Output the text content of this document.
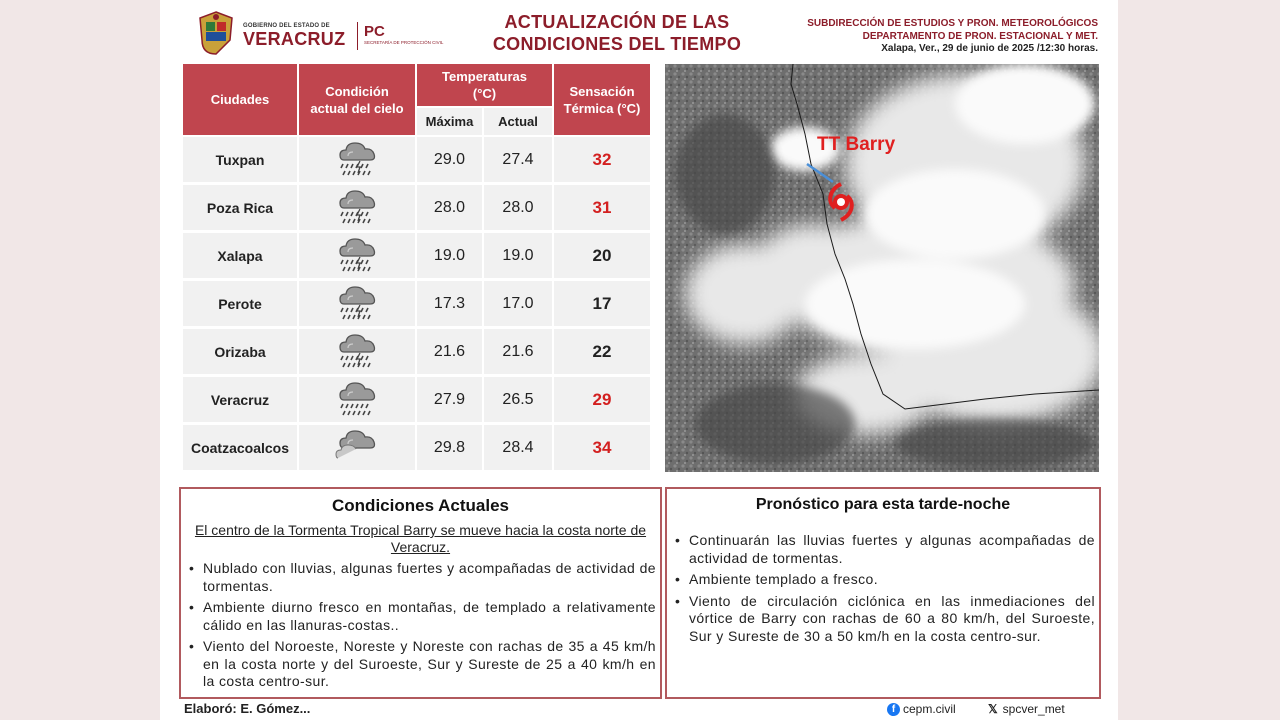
GOBIERNO DEL ESTADO DE
VERACRUZ PC
SECRETARÍA DE PROTECCIÓN CIVIL
ACTUALIZACIÓN DE LAS
CONDICIONES DEL TIEMPO
SUBDIRECCIÓN DE ESTUDIOS Y PRON. METEOROLÓGICOS
DEPARTAMENTO DE PRON. ESTACIONAL Y MET.
Xalapa, Ver., 29 de junio de 2025 /12:30 horas.
Ciudades
Condición actual del cielo
Temperaturas (°C)
Máxima	Actual
Sensación Térmica (°C)
Tuxpan	29.0	27.4	32
Poza Rica	28.0	28.0	31
Xalapa	19.0	19.0	20
Perote	17.3	17.0	17
Orizaba	21.6	21.6	22
Veracruz	27.9	26.5	29
Coatzacoalcos	29.8	28.4	34
TT Barry
Condiciones Actuales

El centro de la Tormenta Tropical Barry se mueve hacia la costa norte de Veracruz.

• Nublado con lluvias, algunas fuertes y acompañadas de actividad de tormentas.
• Ambiente diurno fresco en montañas, de templado a relativamente cálido en las llanuras-costas..
• Viento del Noroeste, Noreste y Noreste con rachas de 35 a 45 km/h en la costa norte y del Suroeste, Sur y Sureste de 25 a 40 km/h en la costa centro-sur.
Pronóstico para esta tarde-noche
• Continuarán las lluvias fuertes y algunas acompañadas de actividad de tormentas.
• Ambiente templado a fresco.
• Viento de circulación ciclónica en las inmediaciones del vórtice de Barry con rachas de 60 a 80 km/h, del Suroeste, Sur y Sureste de 30 a 50 km/h en la costa centro-sur.
Elaboró: E. Gómez...	f cepm.civil	𝕏 spcver_met
